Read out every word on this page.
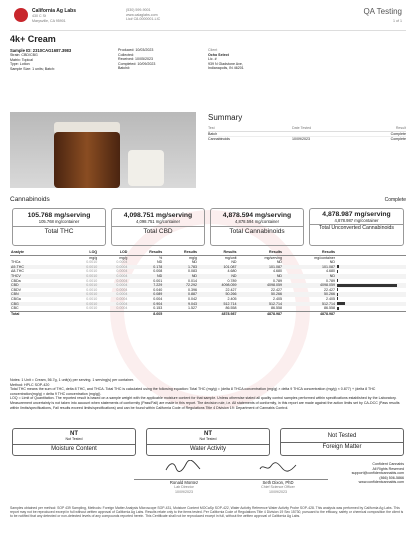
California Ag Labs
430 C St
Marysville, CA 95901
(530) 599-9001
www.calaglabs.com
Lic# C8-0000001-LIC
QA Testing
1 of 1
4k+ Cream
Sample ID: 2310CAG1687.3983
Strain: CBD/CBG
Matrix: Topical
Type: Lotion
Sample Size: 1 units; Batch:
Produced: 10/03/2023
Collected:
Received: 10/05/2023
Completed: 10/09/2023
Batch#:
Client
Ocho Select
Lic. #
939 N Gladstone Ave,
Indianapolis, IN 46201
Summary
Test	Date Tested	Result
Batch	Complete
Cannabinoids	10/09/2023	Complete
Cannabinoids	Complete
105.768 mg/serving
105.768 mg/container
Total THC
4,098.751 mg/serving
4,098.751 mg/container
Total CBD
4,878.594 mg/serving
4,878.594 mg/container
Total Cannabinoids
4,878.987 mg/serving
4,878.987 mg/container
Total Unconverted Cannabinoids
Analyte	LOQ	LOD	Results	Results	Results	Results	Results	
	mg/g	mg/g	%	mg/g	mg/unit	mg/serving	mg/container	
THCa	0.0010	0.0004	ND	ND	ND	ND	ND	
Δ9-THC	0.0010	0.0004	0.178	1.783	101.087	101.087	101.087	
Δ8-THC	0.0010	0.0004	0.008	0.083	4.680	4.680	4.680	
THCV	0.0010	0.0004	ND	ND	ND	ND	ND	
CBDa	0.0010	0.0004	0.001	0.014	0.789	0.789	0.789	
CBD	0.0010	0.0004	7.229	72.292	4098.059	4098.059	4098.059	
CBDV	0.0010	0.0004	0.040	0.396	22.427	22.427	22.427	
CBN	0.0010	0.0004	0.089	0.887	50.266	50.266	50.266	
CBGa	0.0010	0.0004	0.004	0.042	2.405	2.405	2.405	
CBG	0.0010	0.0004	0.904	9.043	512.714	512.714	512.714	
CBC	0.0010	0.0004	0.153	1.527	86.558	86.558	86.558	
Total			8.605		4878.987	4878.987	4878.987	
Notes: 1 Unit = Cream, 56.7g, 1 unit(s) per serving. 1 serving(s) per container.
Method: HPLC SOP-420
Total THC means the sum of THC, delta 8 THC, and THCA. Total THC is calculated using the following equation: Total THC (mg/g) = (delta 8 THCA concentration (mg/g) × delta 9 THCA concentration (mg/g) × 0.877) + (delta 8 THC concentration(mg/g) × delta 9 THC concentration (mg/g)).
LOQ = Limit of Quantitation. The reported result is based on a sample weight with the applicable moisture content for that sample. Unless otherwise stated all quality control samples performed within specifications established by the Laboratory. Measurement uncertainty is not taken into account when statements of conformity (Pass/Fail) are made in this report. The decision rule, i.e. All statements of conformity, in this report are made against the action limits set by CA-DCC (Pass results within limits/specifications, Fail results exceed limits/specifications) and can be found within California Code of Regulations Title 4 Division 19: Department of Cannabis Control.
NT
Not Tested
Moisture Content
NT
Not Tested
Water Activity
Not Tested
Foreign Matter
Ronald Montez
Lab Director
10/09/2023
Seth Dixon, PhD
Chief Science Officer
10/09/2023
Confident Cannabis
All Rights Reserved
support@confidentcannabis.com
(866) 506-5866
www.confidentcannabis.com
Samples obtained per method: SOP 439 Sampling, Methods: Foreign Matter Analysis Microscope SOP-431, Moisture Content MOCaSp SOP-422, Water Activity Reference Water Activity Probe SOP-428. This analysis was performed by California Ag Labs. This report may not be reproduced except in full without written approval of California Ag Labs. Results relate only to the items tested. Per California Code of Regulations Title 4 Division 19 Sec 15730, pursuant to the efficacy, safety or chemical composition the client is to be notified that any detected or non-detected levels of any compounds reported herein. This Certificate shall not be reproduced except in full, without the written approval of California Ag Labs.
